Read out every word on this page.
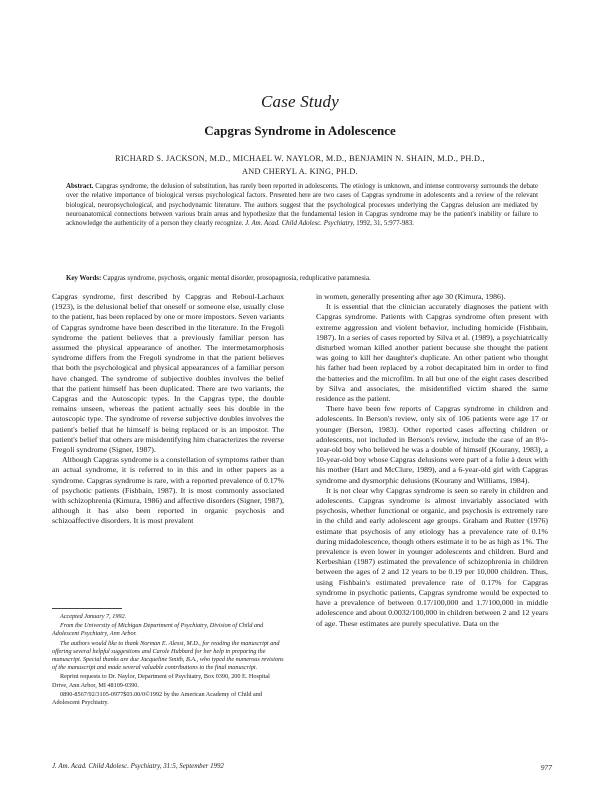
Case Study
Capgras Syndrome in Adolescence
RICHARD S. JACKSON, M.D., MICHAEL W. NAYLOR, M.D., BENJAMIN N. SHAIN, M.D., PH.D.,
AND CHERYL A. KING, PH.D.
Abstract. Capgras syndrome, the delusion of substitution, has rarely been reported in adolescents. The etiology is unknown, and intense controversy surrounds the debate over the relative importance of biological versus psychological factors. Presented here are two cases of Capgras syndrome in adolescents and a review of the relevant biological, neuropsychological, and psychodynamic literature. The authors suggest that the psychological processes underlying the Capgras delusion are mediated by neuroanatomical connections between various brain areas and hypothesize that the fundamental lesion in Capgras syndrome may be the patient's inability or failure to acknowledge the authenticity of a person they clearly recognize. J. Am. Acad. Child Adolesc. Psychiatry, 1992, 31, 5:977-983.
Key Words: Capgras syndrome, psychosis, organic mental disorder, prosopagnosia, reduplicative paramnesia.

Capgras syndrome, first described by Capgras and Reboul-Lachaux (1923), is the delusional belief that oneself or someone else, usually close to the patient, has been replaced by one or more impostors. Seven variants of Capgras syndrome have been described in the literature. In the Fregoli syndrome the patient believes that a previously familiar person has assumed the physical appearance of another. The intermetamorphosis syndrome differs from the Fregoli syndrome in that the patient believes that both the psychological and physical appearances of a familiar person have changed. The syndrome of subjective doubles involves the belief that the patient himself has been duplicated. There are two variants, the Capgras and the Autoscopic types. In the Capgras type, the double remains unseen, whereas the patient actually sees his double in the autoscopic type. The syndrome of reverse subjective doubles involves the patient's belief that he himself is being replaced or is an impostor. The patient's belief that others are misidentifying him characterizes the reverse Fregoli syndrome (Signer, 1987).

Although Capgras syndrome is a constellation of symptoms rather than an actual syndrome, it is referred to in this and in other papers as a syndrome. Capgras syndrome is rare, with a reported prevalence of 0.17% of psychotic patients (Fishbain, 1987). It is most commonly associated with schizophrenia (Kimura, 1986) and affective disorders (Signer, 1987), although it has also been reported in organic psychosis and schizoaffective disorders. It is most prevalent

in women, generally presenting after age 30 (Kimura, 1986).

It is essential that the clinician accurately diagnoses the patient with Capgras syndrome. Patients with Capgras syndrome often present with extreme aggression and violent behavior, including homicide (Fishbain, 1987). In a series of cases reported by Silva et al. (1989), a psychiatrically disturbed woman killed another patient because she thought the patient was going to kill her daughter's duplicate. An other patient who thought his father had been replaced by a robot decapitated him in order to find the batteries and the microfilm. In all but one of the eight cases described by Silva and associates, the misidentified victim shared the same residence as the patient.

There have been few reports of Capgras syndrome in children and adolescents. In Berson's review, only six of 106 patients were age 17 or younger (Berson, 1983). Other reported cases affecting children or adolescents, not included in Berson's review, include the case of an 8½-year-old boy who believed he was a double of himself (Kourany, 1983), a 10-year-old boy whose Capgras delusions were part of a folie à deux with his mother (Hart and McClure, 1989), and a 6-year-old girl with Capgras syndrome and dysmorphic delusions (Kourany and Williams, 1984).

It is not clear why Capgras syndrome is seen so rarely in children and adolescents. Capgras syndrome is almost invariably associated with psychosis, whether functional or organic, and psychosis is extremely rare in the child and early adolescent age groups. Graham and Rutter (1976) estimate that psychosis of any etiology has a prevalence rate of 0.1% during midadolescence, though others estimate it to be as high as 1%. The prevalence is even lower in younger adolescents and children. Burd and Kerbeshian (1987) estimated the prevalence of schizophrenia in children between the ages of 2 and 12 years to be 0.19 per 10,000 children. Thus, using Fishbain's estimated prevalence rate of 0.17% for Capgras syndrome in psychotic patients, Capgras syndrome would be expected to have a prevalence of between 0.17/100,000 and 1.7/100,000 in middle adolescence and about 0.0032/100,000 in children between 2 and 12 years of age. These estimates are purely speculative. Data on the

Accepted January 7, 1992.

From the University of Michigan Department of Psychiatry, Division of Child and Adolescent Psychiatry, Ann Arbor.

The authors would like to thank Norman E. Alessi, M.D., for reading the manuscript and offering several helpful suggestions and Carole Hubbard for her help in preparing the manuscript. Special thanks are due Jacqueline Smith, B.A., who typed the numerous revisions of the manuscript and made several valuable contributions to the final manuscript.

Reprint requests to Dr. Naylor, Department of Psychiatry, Box 0390, 200 E. Hospital Drive, Ann Arbor, MI 48109-0390.

0890-8567/92/3105-0977$03.00/0©1992 by the American Academy of Child and Adolescent Psychiatry.

J. Am. Acad. Child Adolesc. Psychiatry, 31:5, September 1992	977
